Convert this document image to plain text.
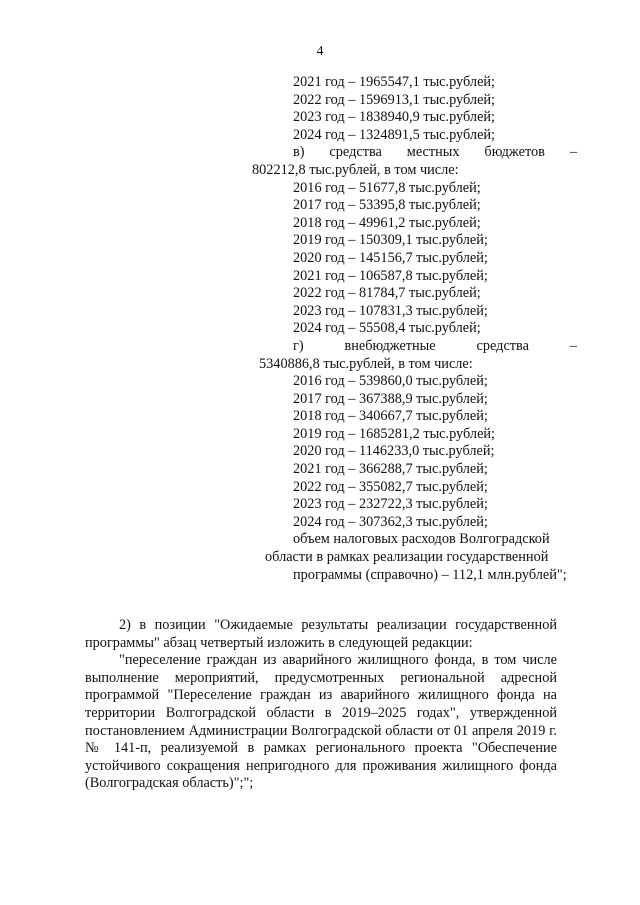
4
2021 год – 1965547,1 тыс.рублей;
2022 год – 1596913,1 тыс.рублей;
2023 год – 1838940,9 тыс.рублей;
2024 год – 1324891,5 тыс.рублей;
в) средства местных бюджетов –
802212,8 тыс.рублей, в том числе:
2016 год – 51677,8 тыс.рублей;
2017 год – 53395,8 тыс.рублей;
2018 год – 49961,2 тыс.рублей;
2019 год – 150309,1 тыс.рублей;
2020 год – 145156,7 тыс.рублей;
2021 год – 106587,8 тыс.рублей;
2022 год – 81784,7 тыс.рублей;
2023 год – 107831,3 тыс.рублей;
2024 год – 55508,4 тыс.рублей;
г)	внебюджетные	средства	–
5340886,8 тыс.рублей, в том числе:
2016 год – 539860,0 тыс.рублей;
2017 год – 367388,9 тыс.рублей;
2018 год – 340667,7 тыс.рублей;
2019 год – 1685281,2 тыс.рублей;
2020 год – 1146233,0 тыс.рублей;
2021 год – 366288,7 тыс.рублей;
2022 год – 355082,7 тыс.рублей;
2023 год – 232722,3 тыс.рублей;
2024 год – 307362,3 тыс.рублей;
объем налоговых расходов Волгоградской
области в рамках реализации государственной
программы (справочно) – 112,1 млн.рублей";

2) в позиции "Ожидаемые результаты реализации государственной программы" абзац четвертый изложить в следующей редакции:

"переселение граждан из аварийного жилищного фонда, в том числе выполнение мероприятий, предусмотренных региональной адресной программой "Переселение граждан из аварийного жилищного фонда на территории Волгоградской области в 2019–2025 годах", утвержденной постановлением Администрации Волгоградской области от 01 апреля 2019 г. № 141-п, реализуемой в рамках регионального проекта "Обеспечение устойчивого сокращения непригодного для проживания жилищного фонда (Волгоградская область)";";
